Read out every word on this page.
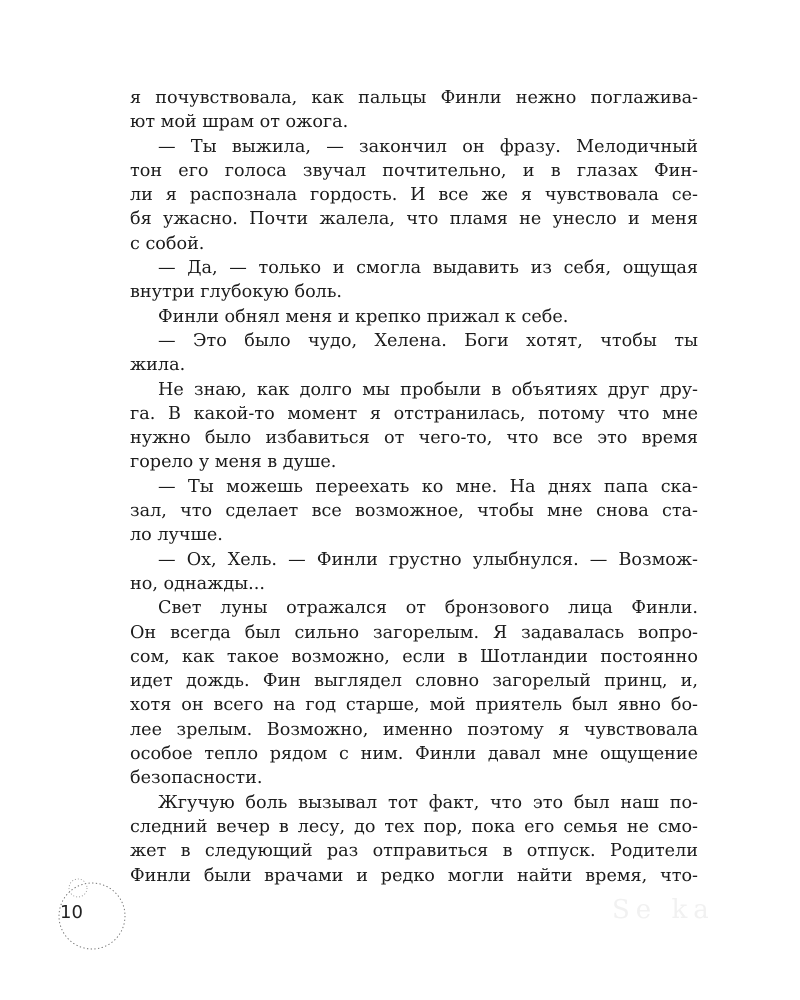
я почувствовала, как пальцы Финли нежно поглажива-
ют мой шрам от ожога.
— Ты выжила, — закончил он фразу. Мелодичный
тон его голоса звучал почтительно, и в глазах Фин-
ли я распознала гордость. И все же я чувствовала се-
бя ужасно. Почти жалела, что пламя не унесло и меня
с собой.
— Да, — только и смогла выдавить из себя, ощущая
внутри глубокую боль.
Финли обнял меня и крепко прижал к себе.
— Это было чудо, Хелена. Боги хотят, чтобы ты
жила.
Не знаю, как долго мы пробыли в объятиях друг дру-
га. В какой-то момент я отстранилась, потому что мне
нужно было избавиться от чего-то, что все это время
горело у меня в душе.
— Ты можешь переехать ко мне. На днях папа ска-
зал, что сделает все возможное, чтобы мне снова ста-
ло лучше.
— Ох, Хель. — Финли грустно улыбнулся. — Возмож-
но, однажды...
Свет луны отражался от бронзового лица Финли.
Он всегда был сильно загорелым. Я задавалась вопро-
сом, как такое возможно, если в Шотландии постоянно
идет дождь. Фин выглядел словно загорелый принц, и,
хотя он всего на год старше, мой приятель был явно бо-
лее зрелым. Возможно, именно поэтому я чувствовала
особое тепло рядом с ним. Финли давал мне ощущение
безопасности.
Жгучую боль вызывал тот факт, что это был наш по-
следний вечер в лесу, до тех пор, пока его семья не смо-
жет в следующий раз отправиться в отпуск. Родители
Финли были врачами и редко могли найти время, что-
10	Se ka
